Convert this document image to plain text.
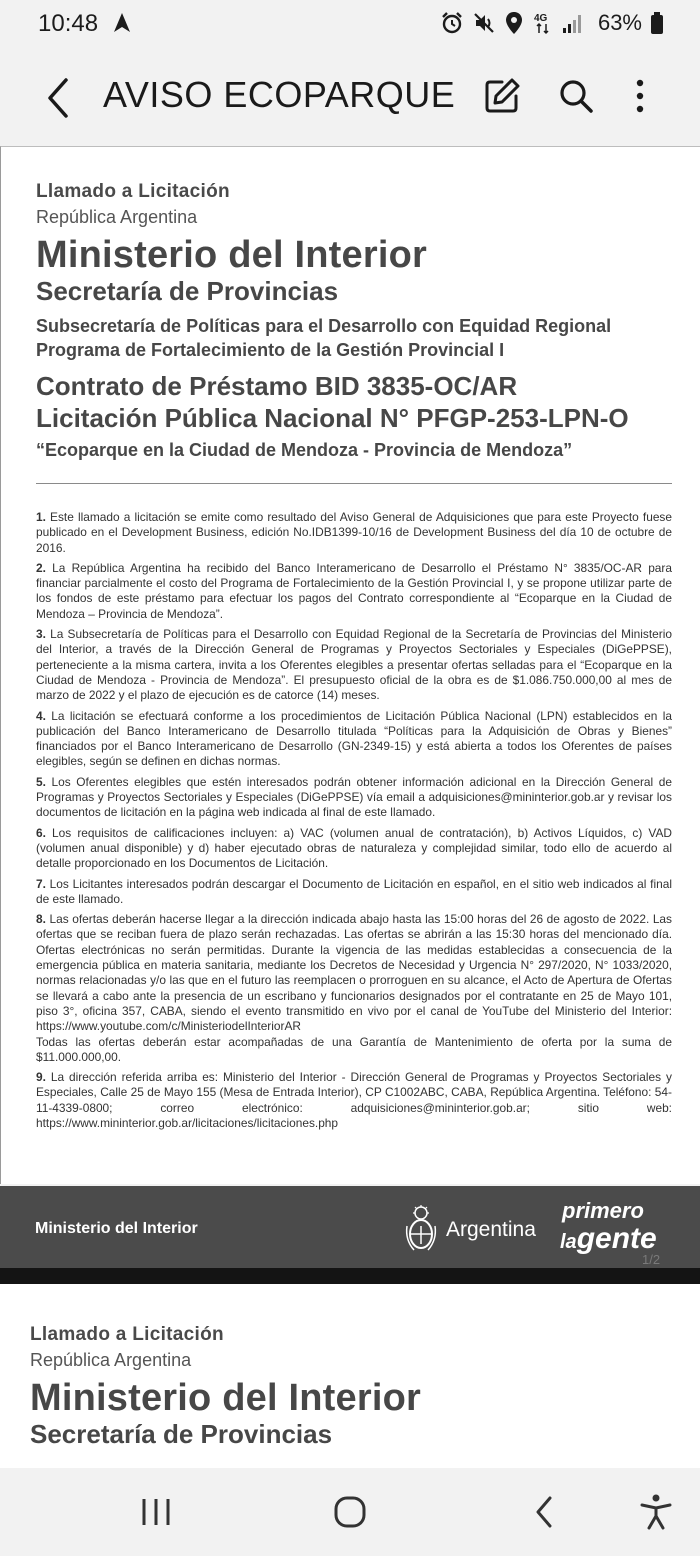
10:48	4G 63%
AVISO ECOPARQUE
Llamado a Licitación
República Argentina
Ministerio del Interior
Secretaría de Provincias
Subsecretaría de Políticas para el Desarrollo con Equidad Regional
Programa de Fortalecimiento de la Gestión Provincial I
Contrato de Préstamo BID 3835-OC/AR
Licitación Pública Nacional N° PFGP-253-LPN-O
“Ecoparque en la Ciudad de Mendoza - Provincia de Mendoza”

1. Este llamado a licitación se emite como resultado del Aviso General de Adquisiciones que para este Proyecto fuese publicado en el Development Business, edición No.IDB1399-10/16 de Development Business del día 10 de octubre de 2016.

2. La República Argentina ha recibido del Banco Interamericano de Desarrollo el Préstamo N° 3835/OC-AR para financiar parcialmente el costo del Programa de Fortalecimiento de la Gestión Provincial I, y se propone utilizar parte de los fondos de este préstamo para efectuar los pagos del Contrato correspondiente al “Ecoparque en la Ciudad de Mendoza – Provincia de Mendoza”.

3. La Subsecretaría de Políticas para el Desarrollo con Equidad Regional de la Secretaría de Provincias del Ministerio del Interior, a través de la Dirección General de Programas y Proyectos Sectoriales y Especiales (DiGePPSE), perteneciente a la misma cartera, invita a los Oferentes elegibles a presentar ofertas selladas para el “Ecoparque en la Ciudad de Mendoza - Provincia de Mendoza”. El presupuesto oficial de la obra es de $1.086.750.000,00 al mes de marzo de 2022 y el plazo de ejecución es de catorce (14) meses.

4. La licitación se efectuará conforme a los procedimientos de Licitación Pública Nacional (LPN) establecidos en la publicación del Banco Interamericano de Desarrollo titulada “Políticas para la Adquisición de Obras y Bienes” financiados por el Banco Interamericano de Desarrollo (GN-2349-15) y está abierta a todos los Oferentes de países elegibles, según se definen en dichas normas.

5. Los Oferentes elegibles que estén interesados podrán obtener información adicional en la Dirección General de Programas y Proyectos Sectoriales y Especiales (DiGePPSE) vía email a adquisiciones@mininterior.gob.ar y revisar los documentos de licitación en la página web indicada al final de este llamado.

6. Los requisitos de calificaciones incluyen: a) VAC (volumen anual de contratación), b) Activos Líquidos, c) VAD (volumen anual disponible) y d) haber ejecutado obras de naturaleza y complejidad similar, todo ello de acuerdo al detalle proporcionado en los Documentos de Licitación.

7. Los Licitantes interesados podrán descargar el Documento de Licitación en español, en el sitio web indicados al final de este llamado.

8. Las ofertas deberán hacerse llegar a la dirección indicada abajo hasta las 15:00 horas del 26 de agosto de 2022. Las ofertas que se reciban fuera de plazo serán rechazadas. Las ofertas se abrirán a las 15:30 horas del mencionado día. Ofertas electrónicas no serán permitidas. Durante la vigencia de las medidas establecidas a consecuencia de la emergencia pública en materia sanitaria, mediante los Decretos de Necesidad y Urgencia N° 297/2020, N° 1033/2020, normas relacionadas y/o las que en el futuro las reemplacen o prorroguen en su alcance, el Acto de Apertura de Ofertas se llevará a cabo ante la presencia de un escribano y funcionarios designados por el contratante en 25 de Mayo 101, piso 3°, oficina 357, CABA, siendo el evento transmitido en vivo por el canal de YouTube del Ministerio del Interior: https://www.youtube.com/c/MinisteriodelInteriorAR

Todas las ofertas deberán estar acompañadas de una Garantía de Mantenimiento de oferta por la suma de $11.000.000,00.

9. La dirección referida arriba es: Ministerio del Interior - Dirección General de Programas y Proyectos Sectoriales y Especiales, Calle 25 de Mayo 155 (Mesa de Entrada Interior), CP C1002ABC, CABA, República Argentina. Teléfono: 54-11-4339-0800; correo electrónico: adquisiciones@mininterior.gob.ar; sitio web: https://www.mininterior.gob.ar/licitaciones/licitaciones.php

Ministerio del Interior	Argentina
primero
lagente
1/2
Llamado a Licitación
República Argentina
Ministerio del Interior
Secretaría de Provincias
